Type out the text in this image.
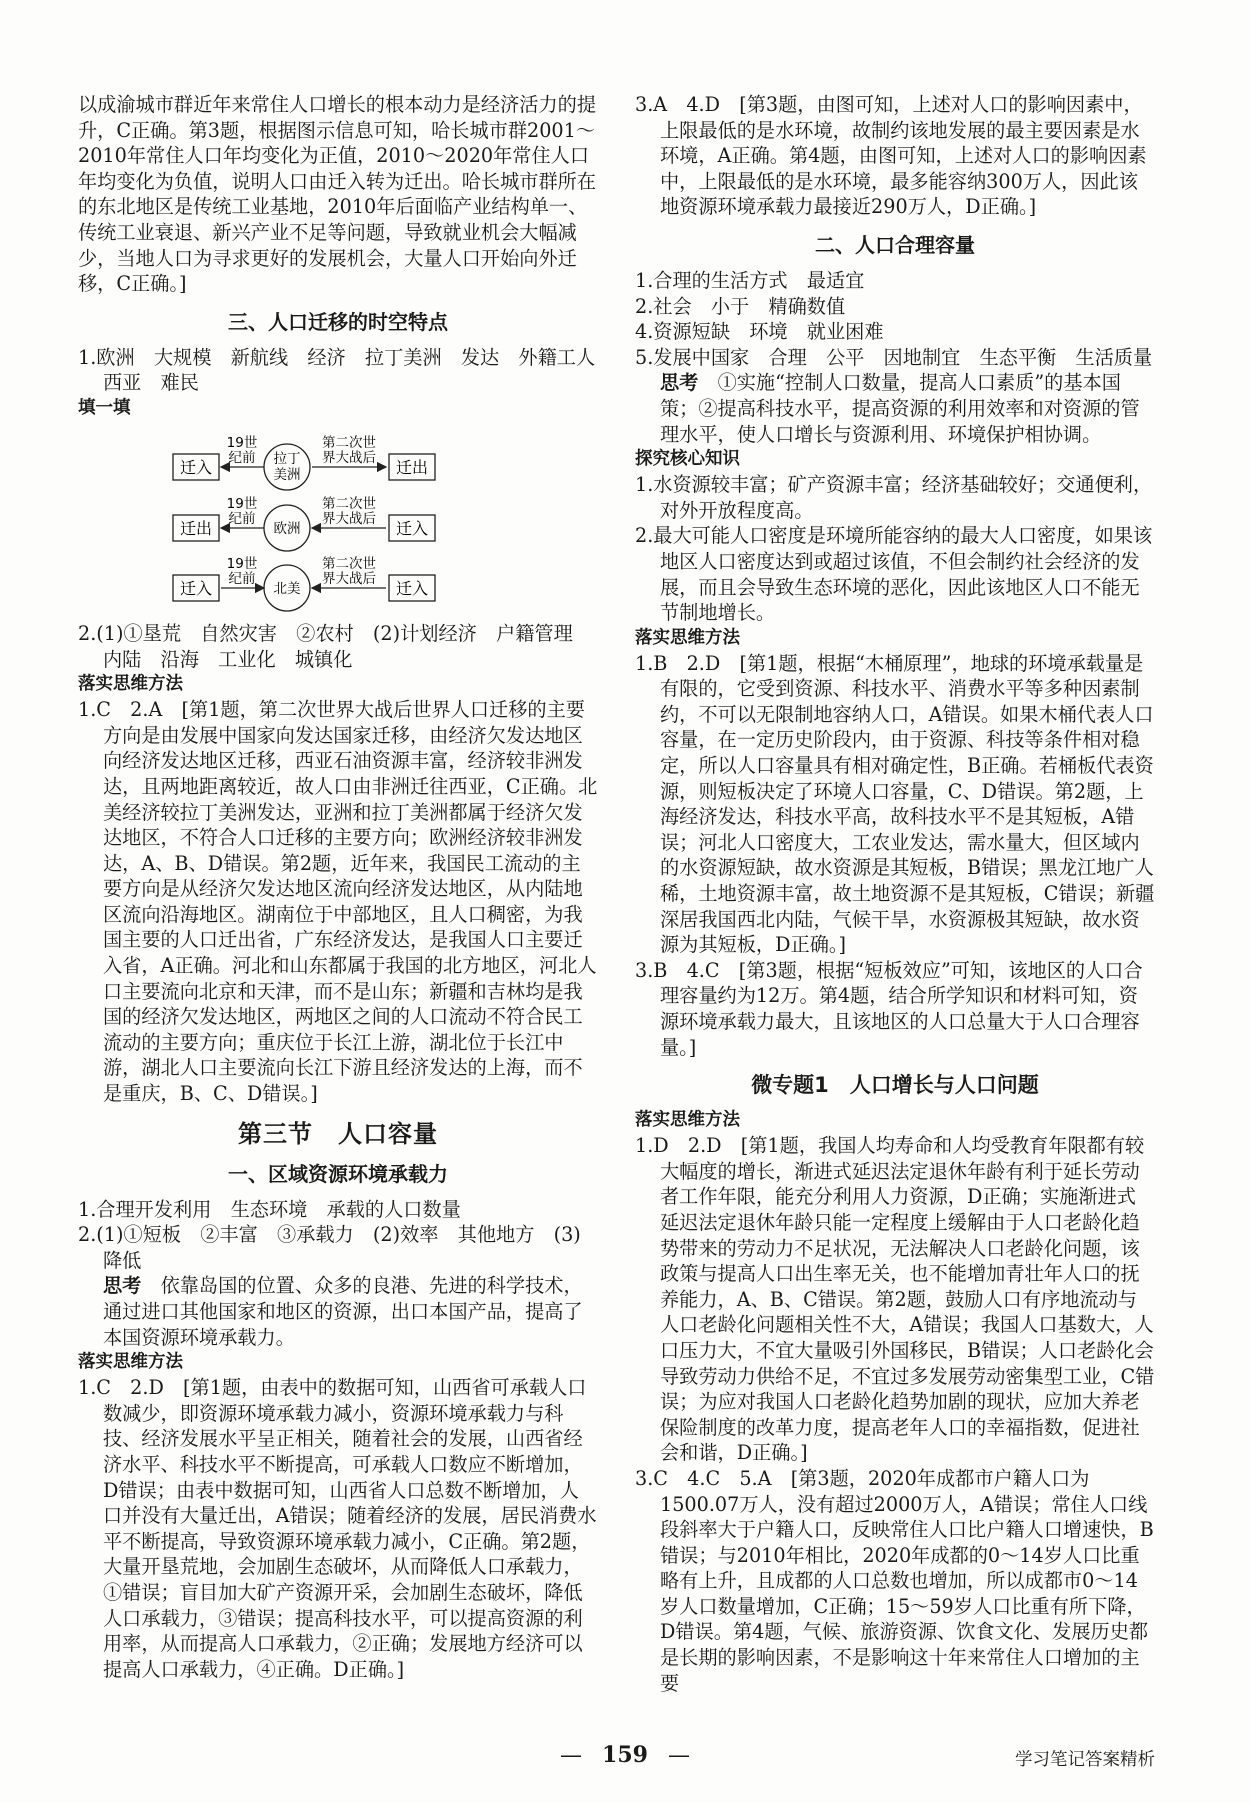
以成渝城市群近年来常住人口增长的根本动力是经济活力的提升，C正确。第3题，根据图示信息可知，哈长城市群2001～2010年常住人口年均变化为正值，2010～2020年常住人口年均变化为负值，说明人口由迁入转为迁出。哈长城市群所在的东北地区是传统工业基地，2010年后面临产业结构单一、传统工业衰退、新兴产业不足等问题，导致就业机会大幅减少，当地人口为寻求更好的发展机会，大量人口开始向外迁移，C正确。]

三、人口迁移的时空特点

1.欧洲　大规模　新航线　经济　拉丁美洲　发达　外籍工人　西亚　难民

填一填
迁入
19世
纪前 拉丁
美洲
第二次世
界大战后 迁出
迁出
19世
纪前
欧洲
第二次世
界大战后 迁入
迁入
19世
纪前
北美
第二次世
界大战后 迁入

2.(1)①垦荒　自然灾害　②农村　(2)计划经济　户籍管理　内陆　沿海　工业化　城镇化

落实思维方法

1.C　2.A　[第1题，第二次世界大战后世界人口迁移的主要方向是由发展中国家向发达国家迁移，由经济欠发达地区向经济发达地区迁移，西亚石油资源丰富，经济较非洲发达，且两地距离较近，故人口由非洲迁往西亚，C正确。北美经济较拉丁美洲发达，亚洲和拉丁美洲都属于经济欠发达地区，不符合人口迁移的主要方向；欧洲经济较非洲发达，A、B、D错误。第2题，近年来，我国民工流动的主要方向是从经济欠发达地区流向经济发达地区，从内陆地区流向沿海地区。湖南位于中部地区，且人口稠密，为我国主要的人口迁出省，广东经济发达，是我国人口主要迁入省，A正确。河北和山东都属于我国的北方地区，河北人口主要流向北京和天津，而不是山东；新疆和吉林均是我国的经济欠发达地区，两地区之间的人口流动不符合民工流动的主要方向；重庆位于长江上游，湖北位于长江中游，湖北人口主要流向长江下游且经济发达的上海，而不是重庆，B、C、D错误。]

第三节　人口容量
一、区域资源环境承载力

1.合理开发利用　生态环境　承载的人口数量

2.(1)①短板　②丰富　③承载力　(2)效率　其他地方　(3)降低

思考　 依靠岛国的位置、众多的良港、先进的科学技术，通过进口其他国家和地区的资源，出口本国产品，提高了本国资源环境承载力。

落实思维方法

1.C　2.D　[第1题，由表中的数据可知，山西省可承载人口数减少，即资源环境承载力减小，资源环境承载力与科技、经济发展水平呈正相关，随着社会的发展，山西省经济水平、科技水平不断提高，可承载人口数应不断增加，D错误；由表中数据可知，山西省人口总数不断增加，人口并没有大量迁出，A错误；随着经济的发展，居民消费水平不断提高，导致资源环境承载力减小，C正确。第2题，大量开垦荒地，会加剧生态破坏，从而降低人口承载力，①错误；盲目加大矿产资源开采，会加剧生态破坏，降低人口承载力，③错误；提高科技水平，可以提高资源的利用率，从而提高人口承载力，②正确；发展地方经济可以提高人口承载力，④正确。D正确。]

3.A　4.D　[第3题，由图可知，上述对人口的影响因素中，上限最低的是水环境，故制约该地发展的最主要因素是水环境，A正确。第4题，由图可知，上述对人口的影响因素中，上限最低的是水环境，最多能容纳300万人，因此该地资源环境承载力最接近290万人，D正确。]

二、人口合理容量

1.合理的生活方式　最适宜

2.社会　小于　精确数值

4.资源短缺　环境　就业困难

5.发展中国家　合理　公平　因地制宜　生态平衡　生活质量

思考　 ①实施“控制人口数量，提高人口素质”的基本国策；②提高科技水平，提高资源的利用效率和对资源的管理水平，使人口增长与资源利用、环境保护相协调。

探究核心知识

1.水资源较丰富；矿产资源丰富；经济基础较好；交通便利，对外开放程度高。

2.最大可能人口密度是环境所能容纳的最大人口密度，如果该地区人口密度达到或超过该值，不但会制约社会经济的发展，而且会导致生态环境的恶化，因此该地区人口不能无节制地增长。

落实思维方法

1.B　2.D　[第1题，根据“木桶原理”，地球的环境承载量是有限的，它受到资源、科技水平、消费水平等多种因素制约，不可以无限制地容纳人口，A错误。如果木桶代表人口容量，在一定历史阶段内，由于资源、科技等条件相对稳定，所以人口容量具有相对确定性，B正确。若桶板代表资源，则短板决定了环境人口容量，C、D错误。第2题，上海经济发达，科技水平高，故科技水平不是其短板，A错误；河北人口密度大，工农业发达，需水量大，但区域内的水资源短缺，故水资源是其短板，B错误；黑龙江地广人稀，土地资源丰富，故土地资源不是其短板，C错误；新疆深居我国西北内陆，气候干旱，水资源极其短缺，故水资源为其短板，D正确。]

3.B　4.C　[第3题，根据“短板效应”可知，该地区的人口合理容量约为12万。第4题，结合所学知识和材料可知，资源环境承载力最大，且该地区的人口总量大于人口合理容量。]

微专题1　人口增长与人口问题
落实思维方法

1.D　2.D　[第1题，我国人均寿命和人均受教育年限都有较大幅度的增长，渐进式延迟法定退休年龄有利于延长劳动者工作年限，能充分利用人力资源，D正确；实施渐进式延迟法定退休年龄只能一定程度上缓解由于人口老龄化趋势带来的劳动力不足状况，无法解决人口老龄化问题，该政策与提高人口出生率无关，也不能增加青壮年人口的抚养能力，A、B、C错误。第2题，鼓励人口有序地流动与人口老龄化问题相关性不大，A错误；我国人口基数大，人口压力大，不宜大量吸引外国移民，B错误；人口老龄化会导致劳动力供给不足，不宜过多发展劳动密集型工业，C错误；为应对我国人口老龄化趋势加剧的现状，应加大养老保险制度的改革力度，提高老年人口的幸福指数，促进社会和谐，D正确。]

3.C　4.C　5.A　[第3题，2020年成都市户籍人口为1500.07万人，没有超过2000万人，A错误；常住人口线段斜率大于户籍人口，反映常住人口比户籍人口增速快，B错误；与2010年相比，2020年成都的0～14岁人口比重略有上升，且成都的人口总数也增加，所以成都市0～14岁人口数量增加，C正确；15～59岁人口比重有所下降，D错误。第4题，气候、旅游资源、饮食文化、发展历史都是长期的影响因素，不是影响这十年来常住人口增加的主要

— 159 —	学习笔记答案精析
